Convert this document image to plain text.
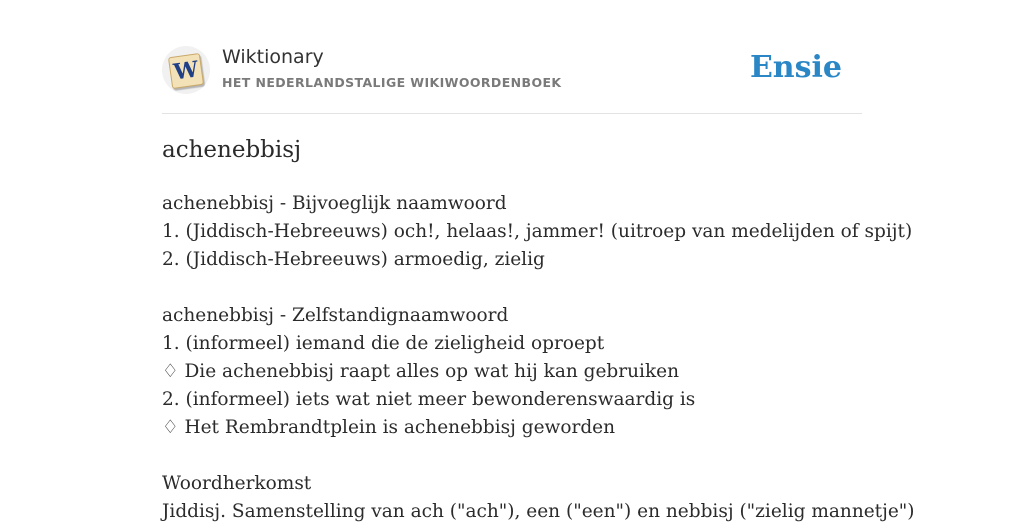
W Wiktionary
HET NEDERLANDSTALIGE WIKIWOORDENBOEK	Ensie
achenebbisj
achenebbisj - Bijvoeglijk naamwoord
1. (Jiddisch-Hebreeuws) och!, helaas!, jammer! (uitroep van medelijden of spijt)
2. (Jiddisch-Hebreeuws) armoedig, zielig
achenebbisj - Zelfstandignaamwoord
1. (informeel) iemand die de zieligheid oproept
♢ Die achenebbisj raapt alles op wat hij kan gebruiken
2. (informeel) iets wat niet meer bewonderenswaardig is
♢ Het Rembrandtplein is achenebbisj geworden
Woordherkomst
Jiddisj. Samenstelling van ach ("ach"), een ("een") en nebbisj ("zielig mannetje")
